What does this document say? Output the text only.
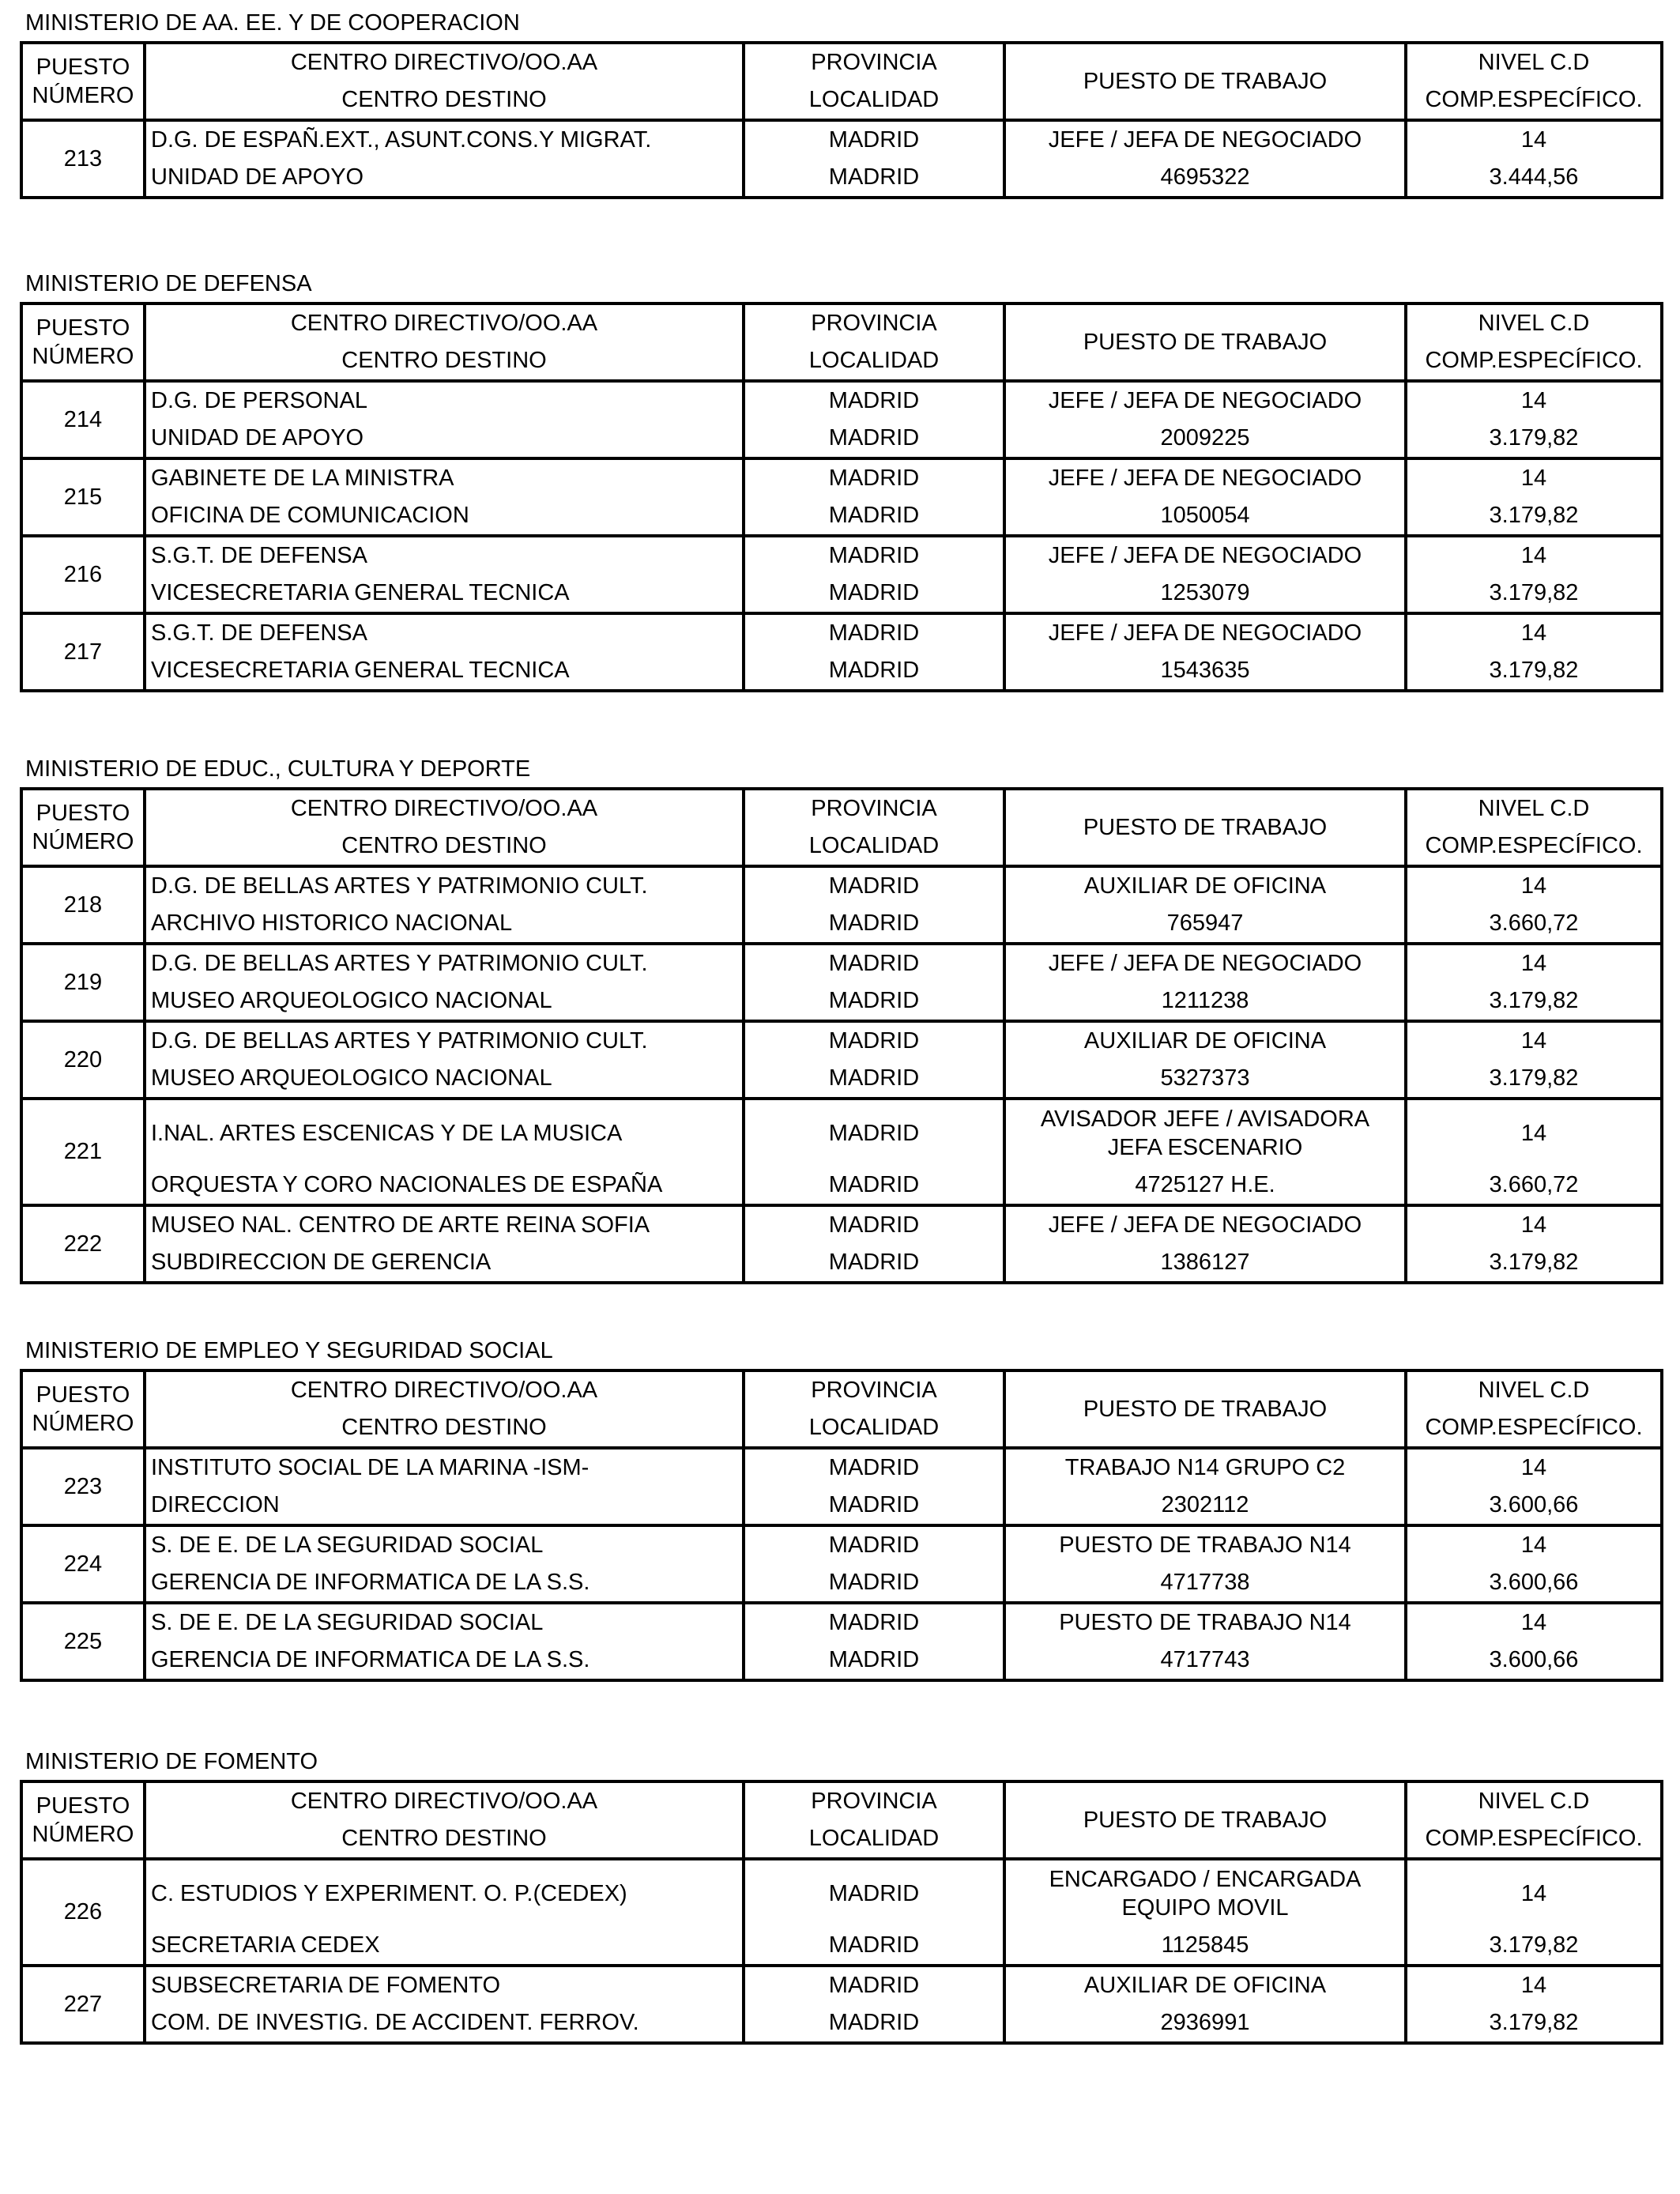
MINISTERIO DE AA. EE. Y DE COOPERACION
PUESTO
NÚMERO	CENTRO DIRECTIVO/OO.AA	PROVINCIA	PUESTO DE TRABAJO	NIVEL C.D
	CENTRO DESTINO	LOCALIDAD		COMP.ESPECÍFICO.
213	D.G. DE ESPAÑ.EXT., ASUNT.CONS.Y MIGRAT.	MADRID	JEFE / JEFA DE NEGOCIADO	14
	UNIDAD DE APOYO	MADRID	4695322	3.444,56
MINISTERIO DE DEFENSA
PUESTO
NÚMERO	CENTRO DIRECTIVO/OO.AA	PROVINCIA	PUESTO DE TRABAJO	NIVEL C.D
	CENTRO DESTINO	LOCALIDAD		COMP.ESPECÍFICO.
214	D.G. DE PERSONAL	MADRID	JEFE / JEFA DE NEGOCIADO	14
	UNIDAD DE APOYO	MADRID	2009225	3.179,82
215	GABINETE DE LA MINISTRA	MADRID	JEFE / JEFA DE NEGOCIADO	14
	OFICINA DE COMUNICACION	MADRID	1050054	3.179,82
216	S.G.T. DE DEFENSA	MADRID	JEFE / JEFA DE NEGOCIADO	14
	VICESECRETARIA GENERAL TECNICA	MADRID	1253079	3.179,82
217	S.G.T. DE DEFENSA	MADRID	JEFE / JEFA DE NEGOCIADO	14
	VICESECRETARIA GENERAL TECNICA	MADRID	1543635	3.179,82
MINISTERIO DE EDUC., CULTURA Y DEPORTE
PUESTO
NÚMERO	CENTRO DIRECTIVO/OO.AA	PROVINCIA	PUESTO DE TRABAJO	NIVEL C.D
	CENTRO DESTINO	LOCALIDAD		COMP.ESPECÍFICO.
218	D.G. DE BELLAS ARTES Y PATRIMONIO CULT.	MADRID	AUXILIAR DE OFICINA	14
	ARCHIVO HISTORICO NACIONAL	MADRID	765947	3.660,72
219	D.G. DE BELLAS ARTES Y PATRIMONIO CULT.	MADRID	JEFE / JEFA DE NEGOCIADO	14
	MUSEO ARQUEOLOGICO NACIONAL	MADRID	1211238	3.179,82
220	D.G. DE BELLAS ARTES Y PATRIMONIO CULT.	MADRID	AUXILIAR DE OFICINA	14
	MUSEO ARQUEOLOGICO NACIONAL	MADRID	5327373	3.179,82
221	I.NAL. ARTES ESCENICAS Y DE LA MUSICA	MADRID	AVISADOR JEFE / AVISADORA JEFA ESCENARIO	14
	ORQUESTA Y CORO NACIONALES DE ESPAÑA	MADRID	4725127 H.E.	3.660,72
222	MUSEO NAL. CENTRO DE ARTE REINA SOFIA	MADRID	JEFE / JEFA DE NEGOCIADO	14
	SUBDIRECCION DE GERENCIA	MADRID	1386127	3.179,82
MINISTERIO DE EMPLEO Y SEGURIDAD SOCIAL
PUESTO
NÚMERO	CENTRO DIRECTIVO/OO.AA	PROVINCIA	PUESTO DE TRABAJO	NIVEL C.D
	CENTRO DESTINO	LOCALIDAD		COMP.ESPECÍFICO.
223	INSTITUTO SOCIAL DE LA MARINA -ISM-	MADRID	TRABAJO N14 GRUPO C2	14
	DIRECCION	MADRID	2302112	3.600,66
224	S. DE E. DE LA SEGURIDAD SOCIAL	MADRID	PUESTO DE TRABAJO N14	14
	GERENCIA DE INFORMATICA DE LA S.S.	MADRID	4717738	3.600,66
225	S. DE E. DE LA SEGURIDAD SOCIAL	MADRID	PUESTO DE TRABAJO N14	14
	GERENCIA DE INFORMATICA DE LA S.S.	MADRID	4717743	3.600,66
MINISTERIO DE FOMENTO
PUESTO
NÚMERO	CENTRO DIRECTIVO/OO.AA	PROVINCIA	PUESTO DE TRABAJO	NIVEL C.D
	CENTRO DESTINO	LOCALIDAD		COMP.ESPECÍFICO.
226	C. ESTUDIOS Y EXPERIMENT. O. P.(CEDEX)	MADRID	ENCARGADO / ENCARGADA EQUIPO MOVIL	14
	SECRETARIA CEDEX	MADRID	1125845	3.179,82
227	SUBSECRETARIA DE FOMENTO	MADRID	AUXILIAR DE OFICINA	14
	COM. DE INVESTIG. DE ACCIDENT. FERROV.	MADRID	2936991	3.179,82
